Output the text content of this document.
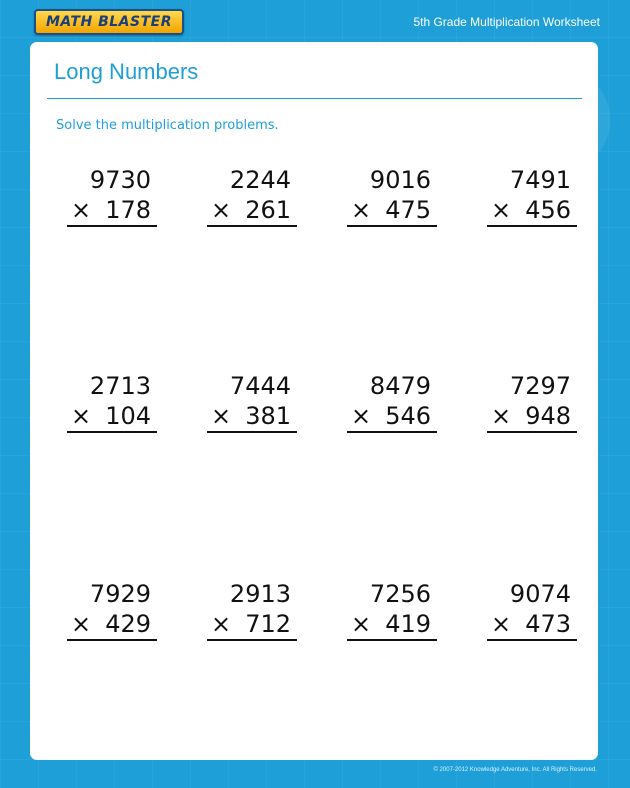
MATH BLASTER	5th Grade Multiplication Worksheet
Long Numbers
Solve the multiplication problems.
9730
× 178
2244
× 261
9016
× 475
7491
× 456
2713
× 104
7444
× 381
8479
× 546
7297
× 948
7929
× 429
2913
× 712
7256
× 419
9074
× 473
© 2007-2012 Knowledge Adventure, Inc. All Rights Reserved.
